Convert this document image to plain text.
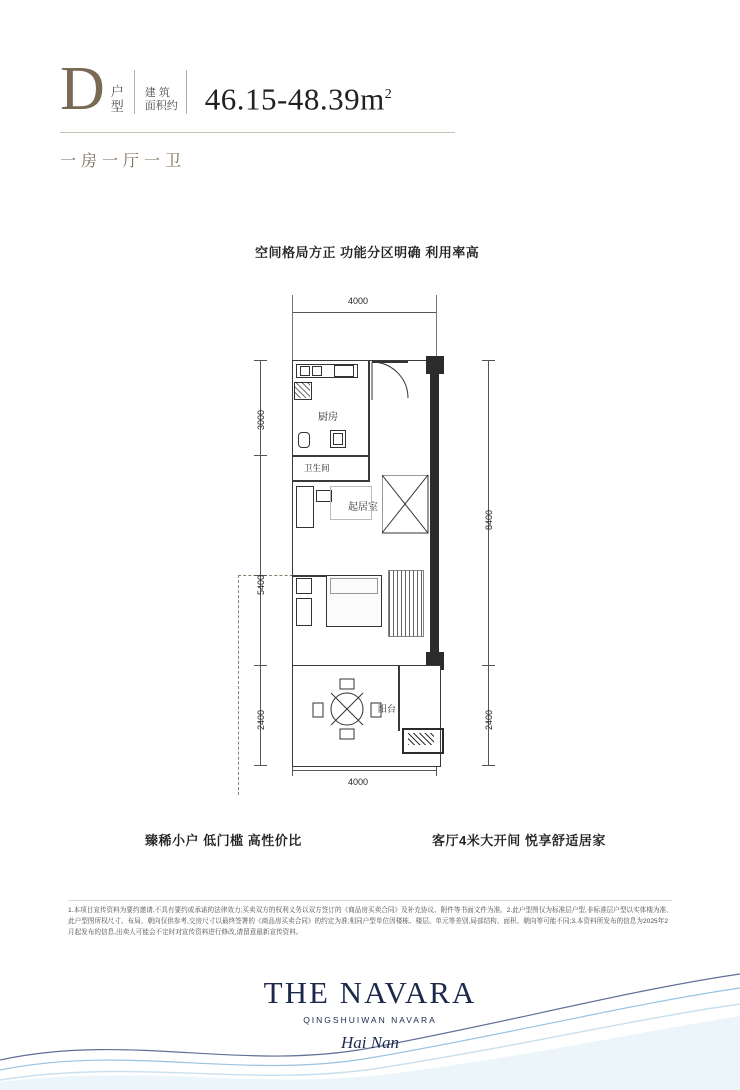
D 户
型
建 筑
面积约 $46.15-48.39m^2$
一房一厅一卫
空间格局方正 功能分区明确 利用率高
4000
4000
3000
5400
2400
8400
2400
厨房
卫生间
起居室
阳台
臻稀小户 低门槛 高性价比	客厅4米大开间 悦享舒适居家
1.本项目宣传资料为要约邀请,不具有要约或承诺的法律效力;买卖双方的权利义务以双方签订的《商品房买卖合同》及补充协议、附件等书面文件为准。2.此户型图仅为标准层户型,非标准层户型以实体楼为准,此户型图所权尺寸、布局、朝向仅供参考,交房尺寸以最终签署的《商品房买卖合同》的约定为准;相同户型单位因楼栋、楼层、单元等差别,局部结构、面积、朝向等可能不同;3.本资料所发布的信息为2025年2月起发布的信息,出卖人可能会不定时对宣传资料进行修改,请留意最新宣传资料。
THE NAVARA
QINGSHUIWAN NAVARA
Hai Nan
